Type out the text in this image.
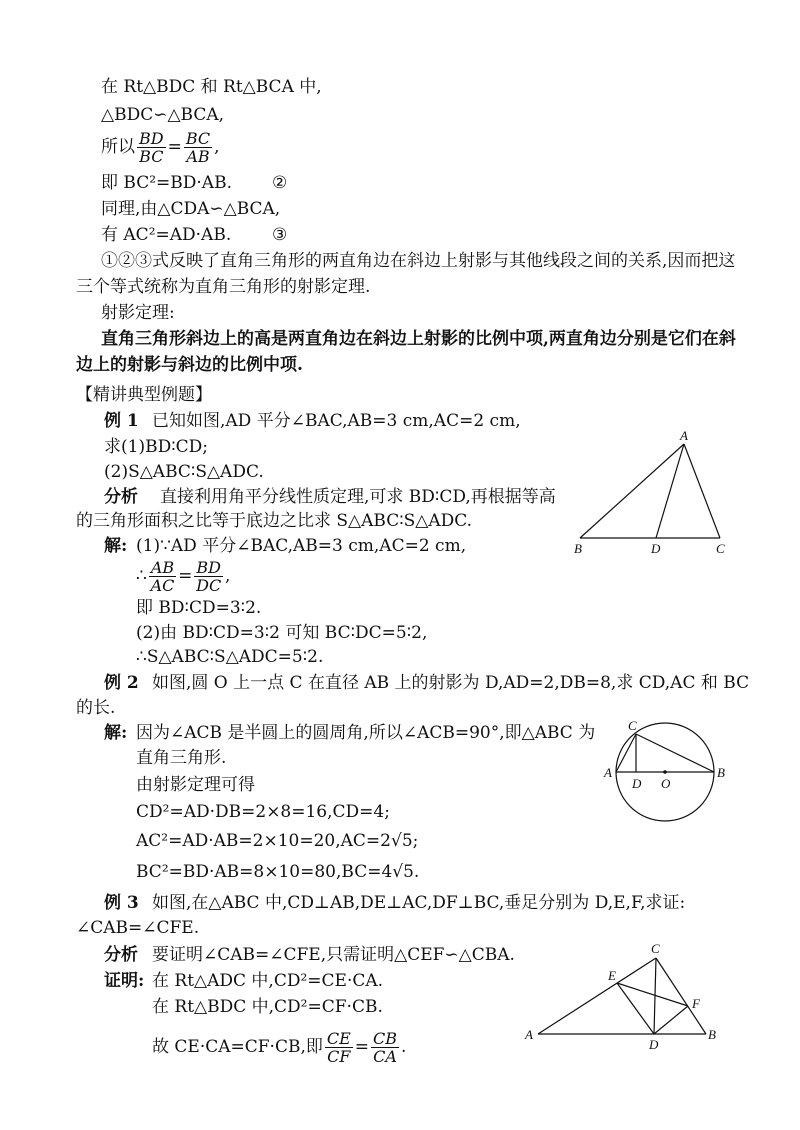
在 Rt△BDC 和 Rt△BCA 中,
△BDC∽△BCA,
所以 $\frac{BD}{BC} = \frac{BC}{AB}$ ,
即 BC²=BD·AB. ②
同理,由△CDA∽△BCA,
有 AC²=AD·AB. ③
①②③式反映了直角三角形的两直角边在斜边上射影与其他线段之间的关系,因而把这
三个等式统称为直角三角形的射影定理.
射影定理:
直角三角形斜边上的高是两直角边在斜边上射影的比例中项,两直角边分别是它们在斜
边上的射影与斜边的比例中项.
【精讲典型例题】
例 1 已知如图,AD 平分∠BAC,AB=3 cm,AC=2 cm,
求(1)BD∶CD;
(2)S△ABC∶S△ADC.
分析 直接利用角平分线性质定理,可求 BD∶CD,再根据等高
的三角形面积之比等于底边之比求 S△ABC∶S△ADC.
解: (1)∵AD 平分∠BAC,AB=3 cm,AC=2 cm,
∴ $\frac{AB}{AC} = \frac{BD}{DC}$ ,
即 BD∶CD=3∶2.
(2)由 BD∶CD=3∶2 可知 BC∶DC=5∶2,
∴S△ABC∶S△ADC=5∶2.
A
B	D	C
例 2 如图,圆 O 上一点 C 在直径 AB 上的射影为 D,AD=2,DB=8,求 CD,AC 和 BC
的长.
解: 因为∠ACB 是半圆上的圆周角,所以∠ACB=90°,即△ABC 为
直角三角形.
由射影定理可得
CD²=AD·DB=2×8=16,CD=4;
AC²=AD·AB=2×10=20,AC=2√5;
BC²=BD·AB=8×10=80,BC=4√5.
C
A	B
D O
例 3 如图,在△ABC 中,CD⊥AB,DE⊥AC,DF⊥BC,垂足分别为 D,E,F,求证:
∠CAB=∠CFE.
分析 要证明∠CAB=∠CFE,只需证明△CEF∽△CBA.
证明: 在 Rt△ADC 中,CD²=CE·CA.
在 Rt△BDC 中,CD²=CF·CB.
故 CE·CA=CF·CB,即 $\frac{CE}{CF} = \frac{CB}{CA}$ .
C
E
F
A	B
D
